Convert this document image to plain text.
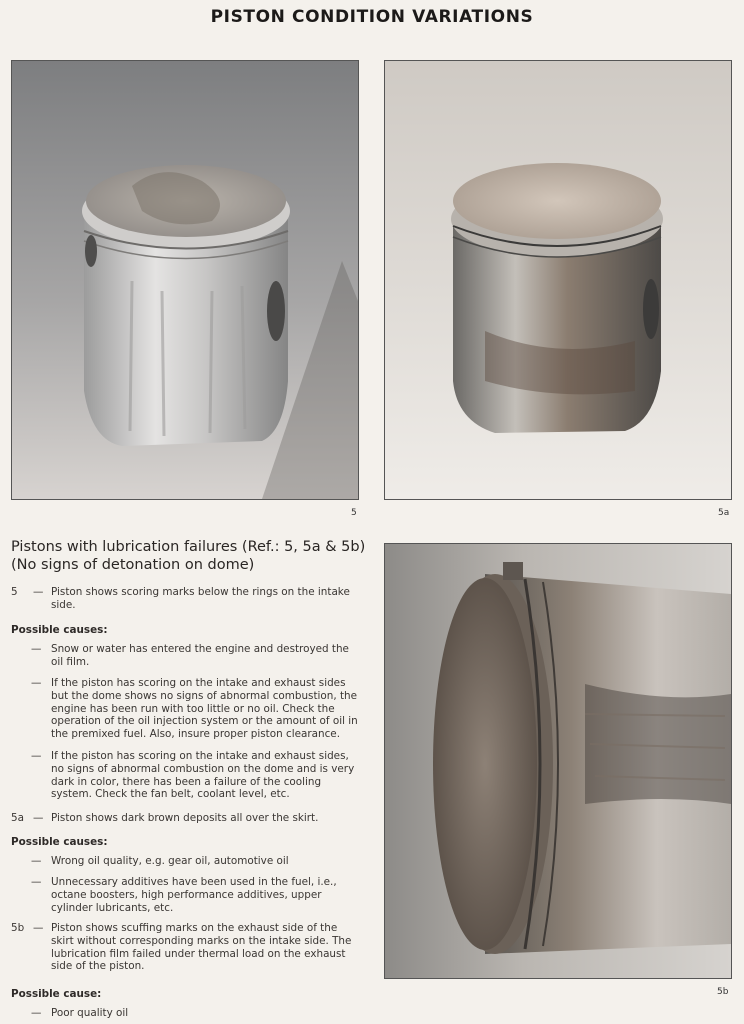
PISTON CONDITION VARIATIONS
5	5a
5b
Pistons with lubrication failures (Ref.: 5, 5a & 5b)
(No signs of detonation on dome)
5 — Piston shows scoring marks below the rings on the intake side.
Possible causes:
— Snow or water has entered the engine and destroyed the oil film.
— If the piston has scoring on the intake and exhaust sides but the dome shows no signs of abnormal combustion, the engine has been run with too little or no oil. Check the operation of the oil injection system or the amount of oil in the premixed fuel. Also, insure proper piston clearance.
— If the piston has scoring on the intake and exhaust sides, no signs of abnormal combustion on the dome and is very dark in color, there has been a failure of the cooling system. Check the fan belt, coolant level, etc.
5a — Piston shows dark brown deposits all over the skirt.
Possible causes:
— Wrong oil quality, e.g. gear oil, automotive oil
— Unnecessary additives have been used in the fuel, i.e., octane boosters, high performance additives, upper cylinder lubricants, etc.
5b — Piston shows scuffing marks on the exhaust side of the skirt without corresponding marks on the intake side. The lubrication film failed under thermal load on the exhaust side of the piston.
Possible cause:
— Poor quality oil
